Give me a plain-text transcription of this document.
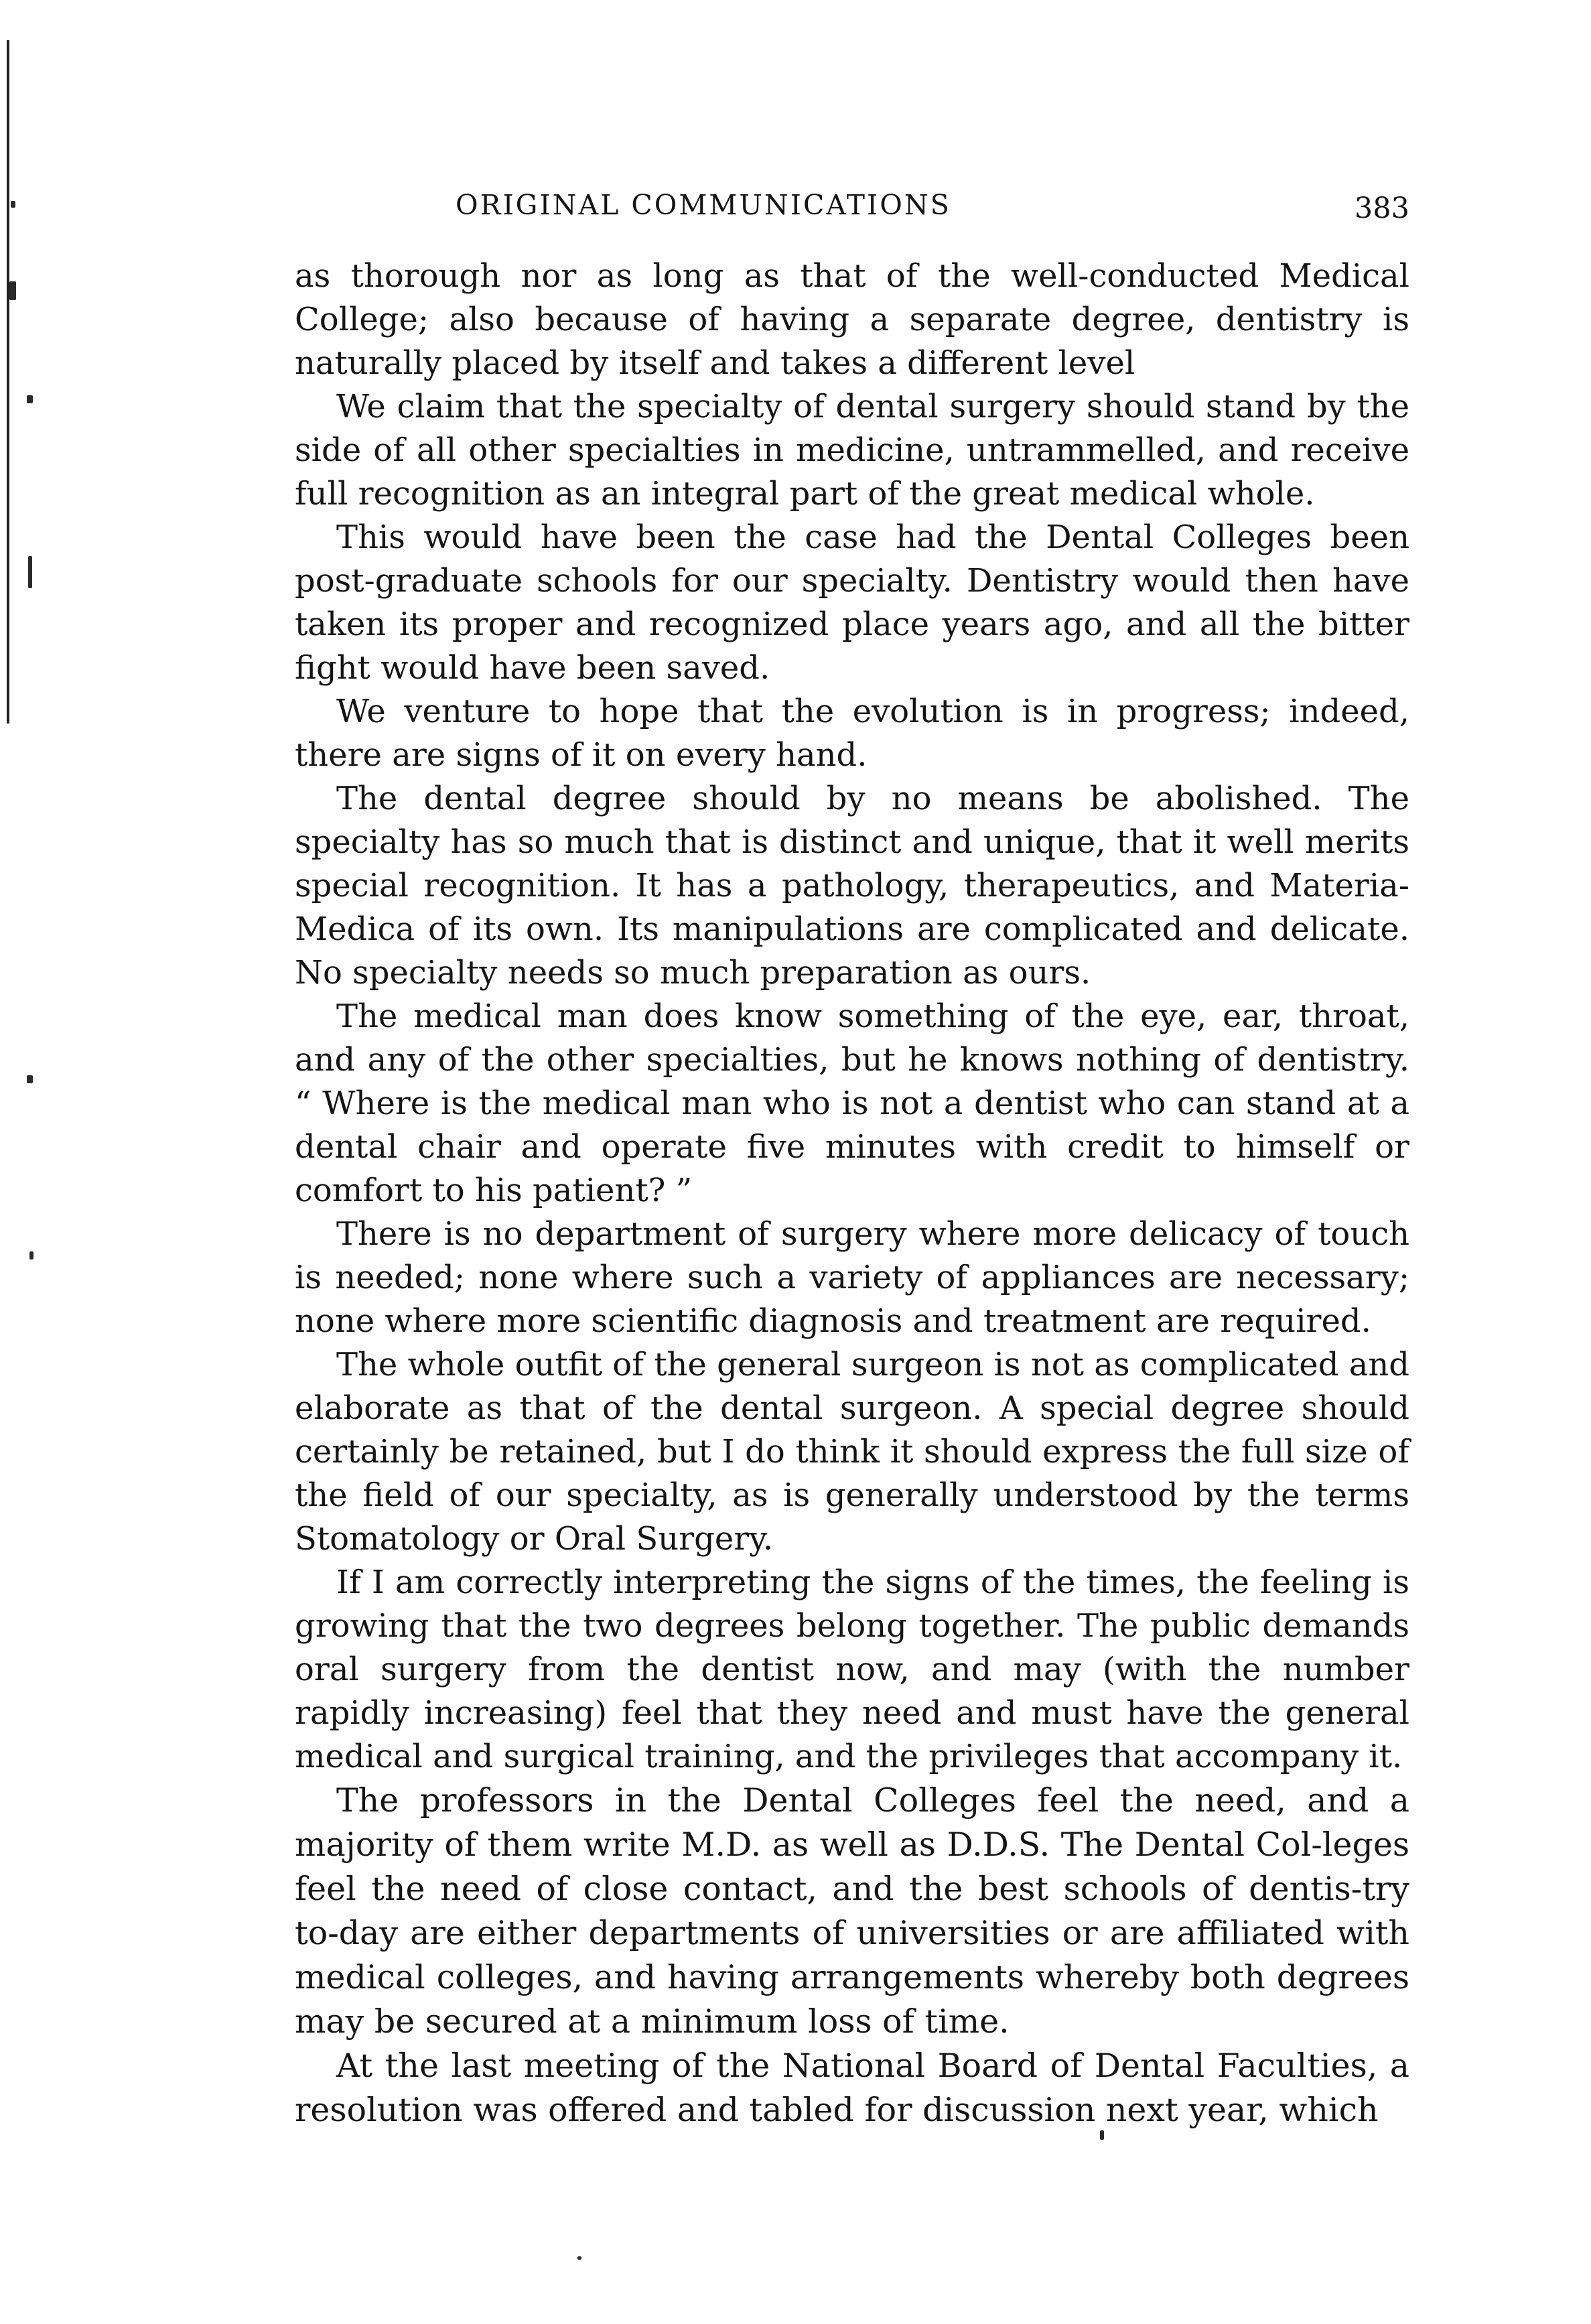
ORIGINAL COMMUNICATIONS	383

as thorough nor as long as that of the well-conducted Medical College; also because of having a separate degree, dentistry is naturally placed by itself and takes a different level

We claim that the specialty of dental surgery should stand by the side of all other specialties in medicine, untrammelled, and receive full recognition as an integral part of the great medical whole.

This would have been the case had the Dental Colleges been post-graduate schools for our specialty. Dentistry would then have taken its proper and recognized place years ago, and all the bitter fight would have been saved.

We venture to hope that the evolution is in progress; indeed, there are signs of it on every hand.

The dental degree should by no means be abolished. The specialty has so much that is distinct and unique, that it well merits special recognition. It has a pathology, therapeutics, and Materia-Medica of its own. Its manipulations are complicated and delicate. No specialty needs so much preparation as ours.

The medical man does know something of the eye, ear, throat, and any of the other specialties, but he knows nothing of dentistry. “ Where is the medical man who is not a dentist who can stand at a dental chair and operate five minutes with credit to himself or comfort to his patient? ”

There is no department of surgery where more delicacy of touch is needed; none where such a variety of appliances are necessary; none where more scientific diagnosis and treatment are required.

The whole outfit of the general surgeon is not as complicated and elaborate as that of the dental surgeon. A special degree should certainly be retained, but I do think it should express the full size of the field of our specialty, as is generally understood by the terms Stomatology or Oral Surgery.

If I am correctly interpreting the signs of the times, the feeling is growing that the two degrees belong together. The public demands oral surgery from the dentist now, and may (with the number rapidly increasing) feel that they need and must have the general medical and surgical training, and the privileges that accompany it.

The professors in the Dental Colleges feel the need, and a majority of them write M.D. as well as D.D.S. The Dental Col-leges feel the need of close contact, and the best schools of dentis-try to-day are either departments of universities or are affiliated with medical colleges, and having arrangements whereby both degrees may be secured at a minimum loss of time.

At the last meeting of the National Board of Dental Faculties, a resolution was offered and tabled for discussion next year, which
